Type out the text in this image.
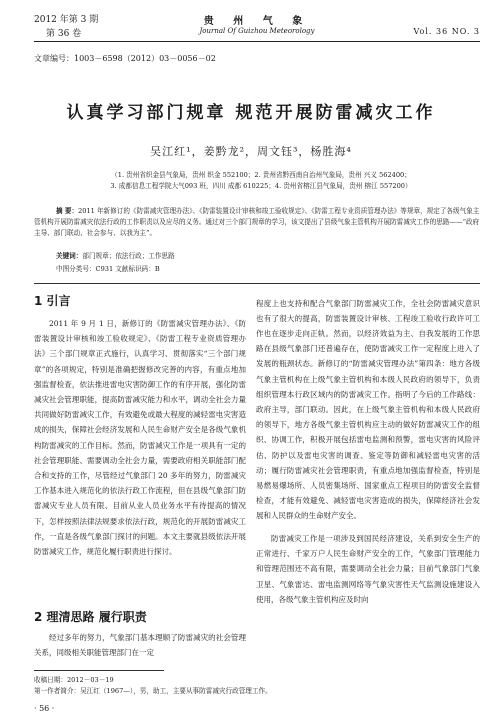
2012 年第 3 期
第 36 卷
贵 州 气 象
Journal Of Guizhou Meteorology	Vol. 36 NO. 3
文章编号：1003－6598（2012）03－0056－02
认真学习部门规章 规范开展防雷减灾工作
吴江红¹，姜黔龙²，周文钰³，杨胜海⁴
（1. 贵州省织金县气象局，贵州 织金 552100；2. 贵州省黔西南自治州气象局，贵州 兴义 562400；
3. 成都信息工程学院大气093 班，四川 成都 610225；4. 贵州省榕江县气象局，贵州 榕江 557200）
摘 要：2011 年新修订的《防雷减灾管理办法》、《防雷装置设计审核和竣工验收规定》、《防雷工程专业资质管理办法》等规章，规定了各级气象主管机构开展防雷减灾依法行政的工作职责以及应尽的义务。通过对三个部门规章的学习，该文提出了县级气象主管机构开展防雷减灾工作的思路——“政府主导、部门联动、社会参与、以我为主”。
关键词：部门规章；依法行政；工作思路
中图分类号：C931 文献标识码：B
1 引言

2011 年 9 月 1 日，新修订的《防雷减灾管理办法》、《防雷装置设计审核和竣工验收规定》、《防雷工程专业资质管理办法》三个部门规章正式施行，认真学习、贯彻落实“三个部门规章”的各项规定，特别是准确把握修改完善的内容，有重点地加强监督检查，依法推进雷电灾害防御工作的有序开展，强化防雷减灾社会管理职能，提高防雷减灾能力和水平，调动全社会力量共同做好防雷减灾工作，有效避免或最大程度的减轻雷电灾害造成的损失，保障社会经济发展和人民生命财产安全是各级气象机构防雷减灾的工作目标。然而，防雷减灾工作是一项具有一定的社会管理职能、需要调动全社会力量，需要政府相关职能部门配合和支持的工作，尽管经过气象部门 20 多年的努力，防雷减灾工作基本进入规范化的依法行政工作流程，但在县级气象部门防雷减灾专业人员有限、目前从业人员业务水平有待提高的情况下，怎样按照法律法规要求依法行政，规范化的开展防雷减灾工作，一直是各级气象部门探讨的问题。本文主要就县级依法开展防雷减灾工作，规范化履行职责进行探讨。

2 理清思路 履行职责

经过多年的努力，气象部门基本理顺了防雷减灾的社会管理关系，同级相关职能管理部门在一定

程度上也支持和配合气象部门防雷减灾工作，全社会防雷减灾意识也有了很大的提高，防雷装置设计审核、工程竣工验收行政许可工作也在逐步走向正轨。然而，以经济效益为主、自我发展的工作思路在县级气象部门还普遍存在，使防雷减灾工作一定程度上进入了发展的瓶颈状态。新修订的“防雷减灾管理办法”第四条：地方各级气象主管机构在上级气象主管机构和本级人民政府的领导下，负责组织管理本行政区域内的防雷减灾工作。指明了今后的工作路线：政府主导，部门联动。因此，在上级气象主管机构和本级人民政府的领导下，地方各级气象主管机构应主动的做好防雷减灾工作的组织、协调工作，积极开展包括雷电监测和预警，雷电灾害的风险评估、防护以及雷电灾害的调查、鉴定等防御和减轻雷电灾害的活动；履行防雷减灾社会管理职责，有重点地加强监督检查，特别是易燃易爆场所、人员密集场所、国家重点工程项目的防雷安全监督检查，才能有效避免、减轻雷电灾害造成的损失，保障经济社会发展和人民群众的生命财产安全。

防雷减灾工作是一项涉及到国民经济建设，关系到安全生产的正常进行、千家万户人民生命财产安全的工作，气象部门管理能力和管理范围还不高有限，需要调动全社会力量；目前气象部门气象卫星、气象雷达、雷电监测网络等气象灾害性天气监测设施建设入使用，各级气象主管机构应及时向

收稿日期：2012－03－19
第一作者简介：吴江红（1967—），男，助工，主要从事防雷减灾行政管理工作。
· 56 ·
